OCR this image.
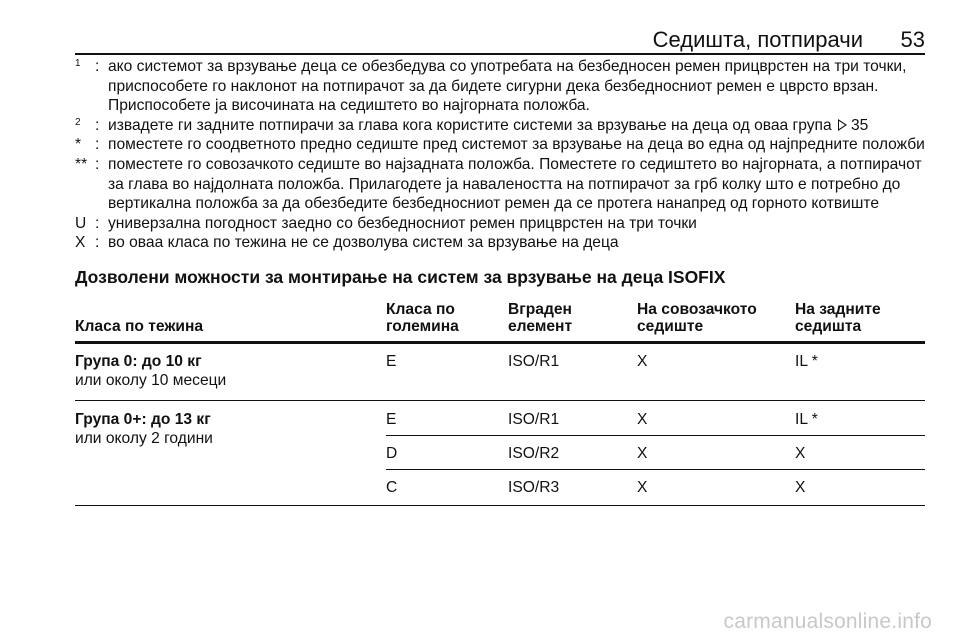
Седишта, потпирачи 53
1 : ако системот за врзување деца се обезбедува со употребата на безбедносен ремен прицврстен на три точки, приспособете го наклонот на потпирачот за да бидете сигурни дека безбедносниот ремен е цврсто врзан. Приспособете ја височината на седиштето во најгорната положба.
2 : извадете ги задните потпирачи за глава кога користите системи за врзување на деца од оваа група 35
* : поместете го соодветното предно седиште пред системот за врзување на деца во една од најпредните положби
** : поместете го совозачкото седиште во најзадната положба. Поместете го седиштето во најгорната, а потпирачот за глава во најдолната положба. Прилагодете ја навалеността на потпирачот за грб колку што е потребно до вертикална положба за да обезбедите безбедносниот ремен да се протега нанапред од горното котвиште
U : универзална погодност заедно со безбедносниот ремен прицврстен на три точки
X : во оваа класа по тежина не се дозволува систем за врзување на деца
Дозволени можности за монтирање на систем за врзување на деца ISOFIX
Класа по тежина	Класа по големина	Вграден елемент	На совозачкото седиште	На задните седишта

Група 0: до 10 кг
или околу 10 месеци	E	ISO/R1	X	IL *

Група 0+: до 13 кг
или околу 2 години	E	ISO/R1	X	IL *
	D	ISO/R2	X	X
	C	ISO/R3	X	X
carmanualsonline.info
